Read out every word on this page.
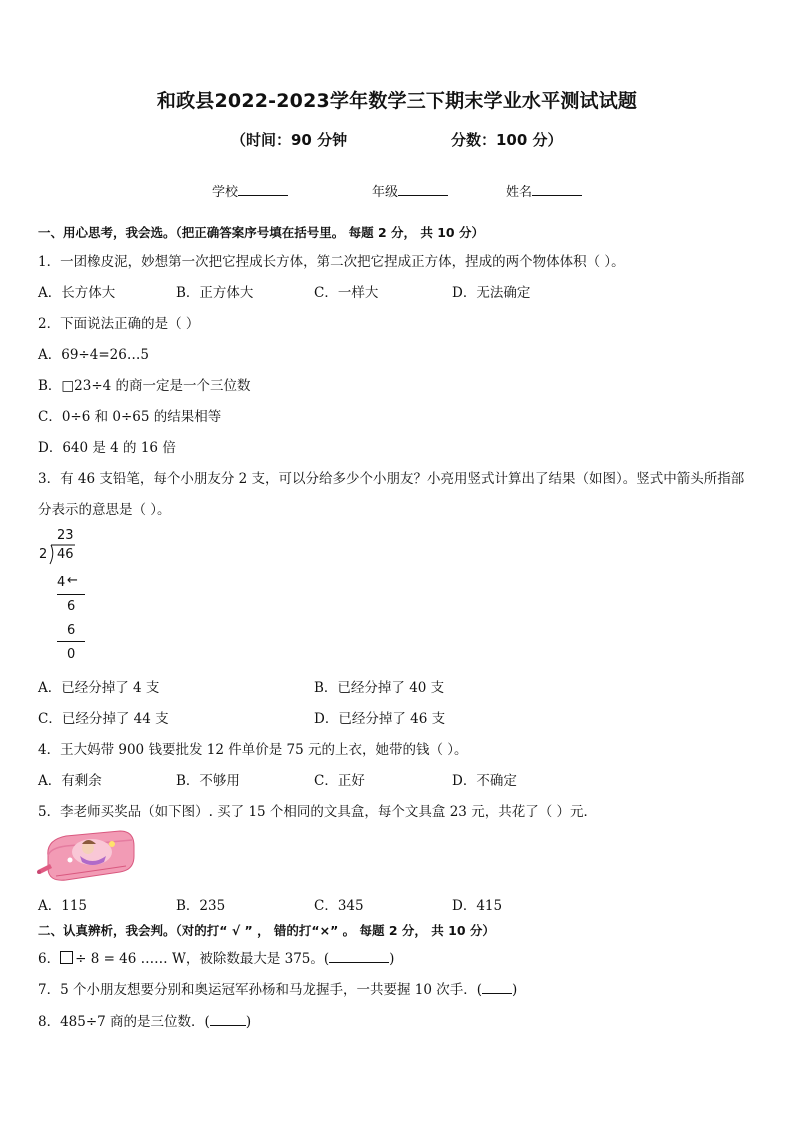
和政县2022-2023学年数学三下期末学业水平测试试题
（时间：90 分钟	分数：100 分）
学校	年级	姓名
一、用心思考，我会选。（把正确答案序号填在括号里。 每题 2 分， 共 10 分）
1．一团橡皮泥，妙想第一次把它捏成长方体，第二次把它捏成正方体，捏成的两个物体体积（ ）。
A．长方体大	B．正方体大	C．一样大	D．无法确定
2．下面说法正确的是（ ）
A．69÷4=26…5
B．□23÷4 的商一定是一个三位数
C．0÷6 和 0÷65 的结果相等
D．640 是 4 的 16 倍
3．有 46 支铅笔，每个小朋友分 2 支，可以分给多少个小朋友？小亮用竖式计算出了结果（如图）。竖式中箭头所指部
分表示的意思是（ ）。
23
2 46
4 ←
6
6
0
A．已经分掉了 4 支	B．已经分掉了 40 支
C．已经分掉了 44 支	D．已经分掉了 46 支
4．王大妈带 900 钱要批发 12 件单价是 75 元的上衣，她带的钱（ ）。
A．有剩余	B．不够用	C．正好	D．不确定
5．李老师买奖品（如下图）. 买了 15 个相同的文具盒，每个文具盒 23 元，共花了（ ）元．
A．115	B．235	C．345	D．415
二、认真辨析，我会判。（对的打“ √ ” ， 错的打“×” 。 每题 2 分， 共 10 分）
6． ÷ 8 = 46 …… W，被除数最大是 375。(	)
7．5 个小朋友想要分别和奥运冠军孙杨和马龙握手，一共要握 10 次手．( )
8．485÷7 商的是三位数．(	)
